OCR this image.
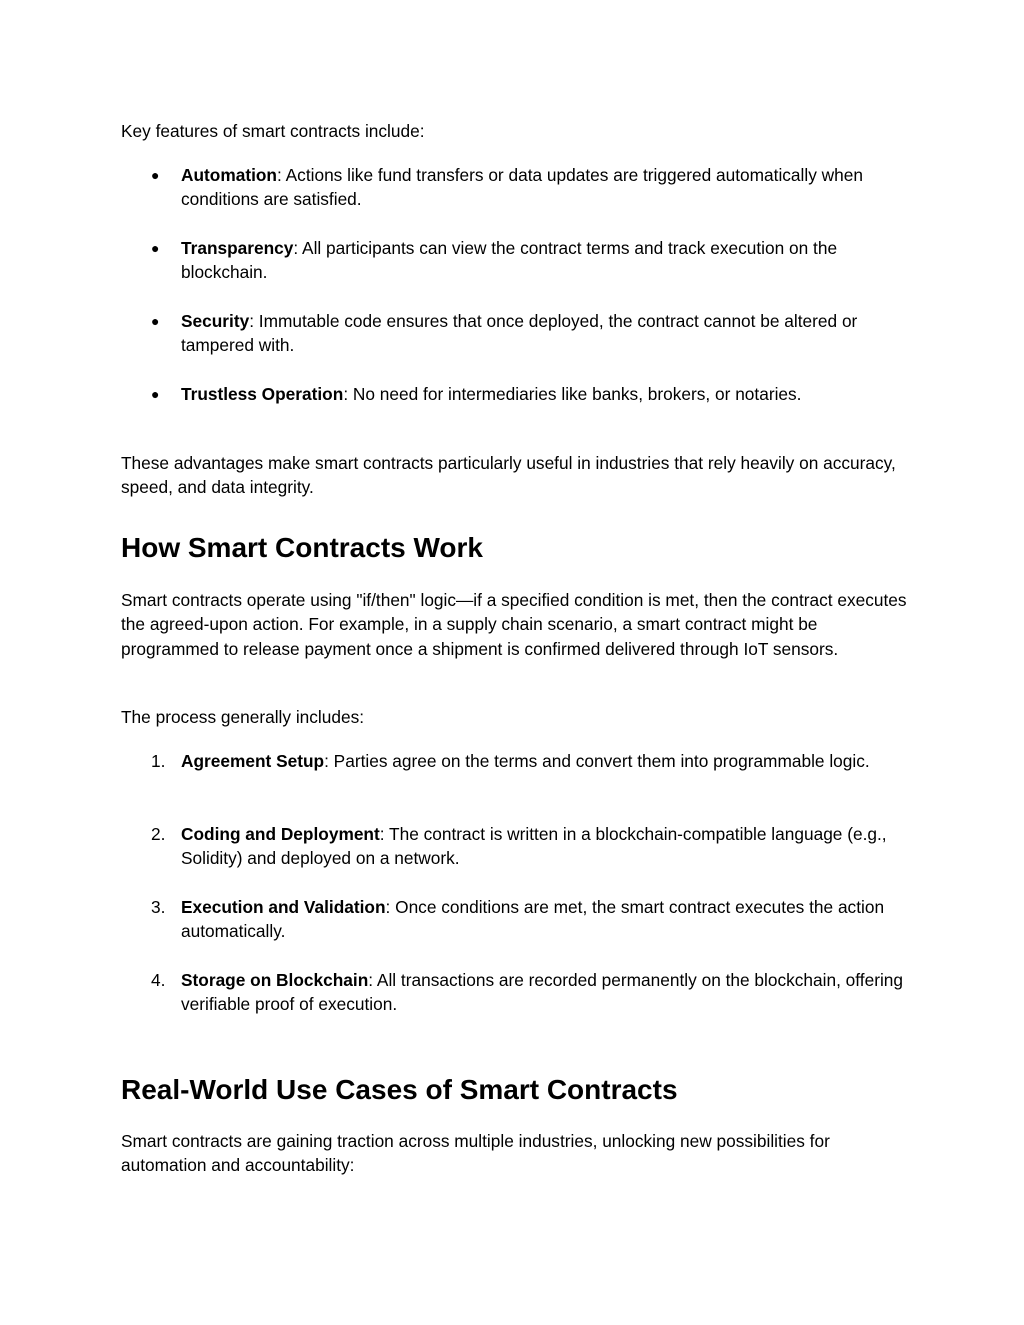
Key features of smart contracts include:

●	Automation: Actions like fund transfers or data updates are triggered automatically when conditions are satisfied.
●	Transparency: All participants can view the contract terms and track execution on the blockchain.
●	Security: Immutable code ensures that once deployed, the contract cannot be altered or tampered with.
●	Trustless Operation: No need for intermediaries like banks, brokers, or notaries.

These advantages make smart contracts particularly useful in industries that rely heavily on accuracy, speed, and data integrity.

How Smart Contracts Work

Smart contracts operate using "if/then" logic—if a specified condition is met, then the contract executes the agreed-upon action. For example, in a supply chain scenario, a smart contract might be programmed to release payment once a shipment is confirmed delivered through IoT sensors.

The process generally includes:

1. Agreement Setup: Parties agree on the terms and convert them into programmable logic.
2. Coding and Deployment: The contract is written in a blockchain-compatible language (e.g., Solidity) and deployed on a network.
3. Execution and Validation: Once conditions are met, the smart contract executes the action automatically.
4. Storage on Blockchain: All transactions are recorded permanently on the blockchain, offering verifiable proof of execution.
Real-World Use Cases of Smart Contracts

Smart contracts are gaining traction across multiple industries, unlocking new possibilities for automation and accountability:
